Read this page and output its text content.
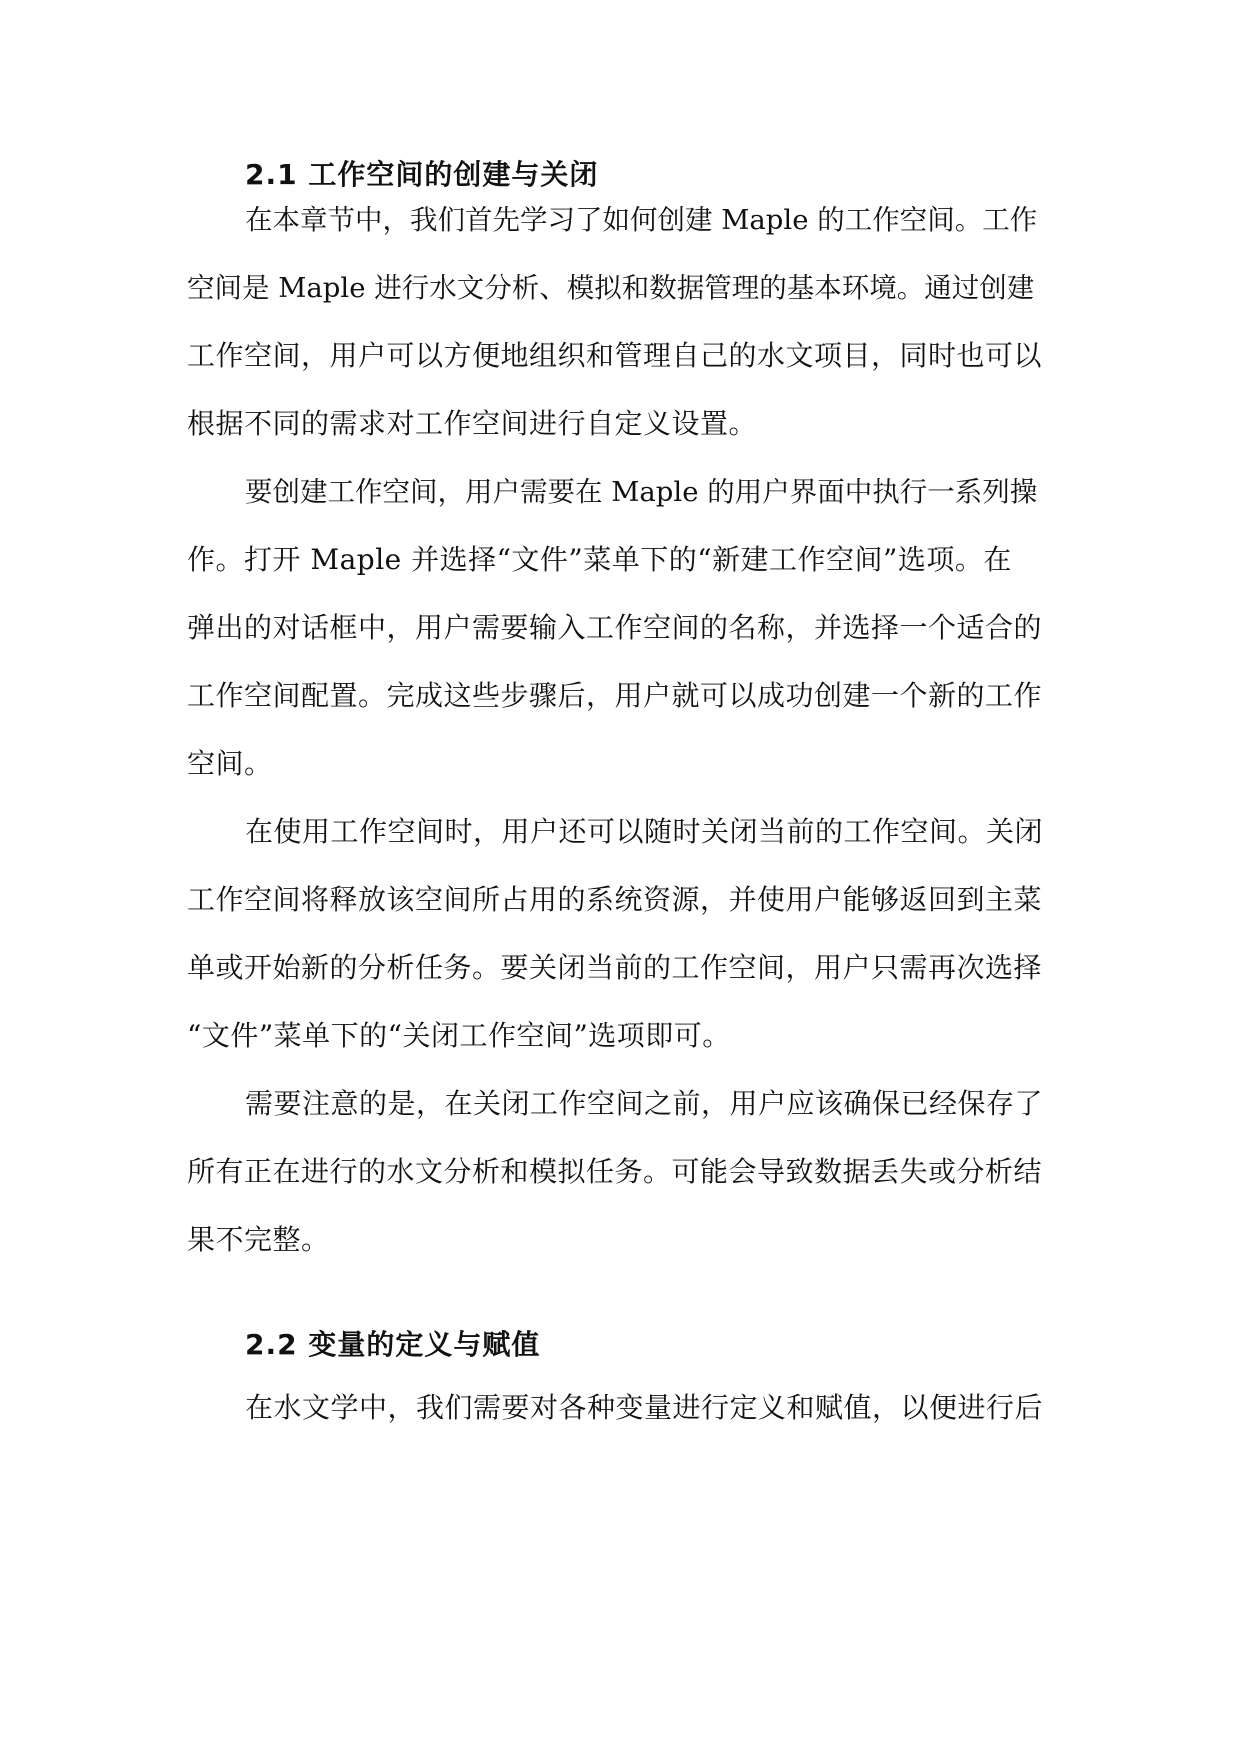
2.1 工作空间的创建与关闭
在本章节中，我们首先学习了如何创建 Maple 的工作空间。工作
空间是 Maple 进行水文分析、模拟和数据管理的基本环境。通过创建
工作空间，用户可以方便地组织和管理自己的水文项目，同时也可以
根据不同的需求对工作空间进行自定义设置。
要创建工作空间，用户需要在 Maple 的用户界面中执行一系列操
作。打开 Maple 并选择“文件”菜单下的“新建工作空间”选项。在
弹出的对话框中，用户需要输入工作空间的名称，并选择一个适合的
工作空间配置。完成这些步骤后，用户就可以成功创建一个新的工作
空间。
在使用工作空间时，用户还可以随时关闭当前的工作空间。关闭
工作空间将释放该空间所占用的系统资源，并使用户能够返回到主菜
单或开始新的分析任务。要关闭当前的工作空间，用户只需再次选择
“文件”菜单下的“关闭工作空间”选项即可。
需要注意的是，在关闭工作空间之前，用户应该确保已经保存了
所有正在进行的水文分析和模拟任务。可能会导致数据丢失或分析结
果不完整。
2.2 变量的定义与赋值
在水文学中，我们需要对各种变量进行定义和赋值，以便进行后
